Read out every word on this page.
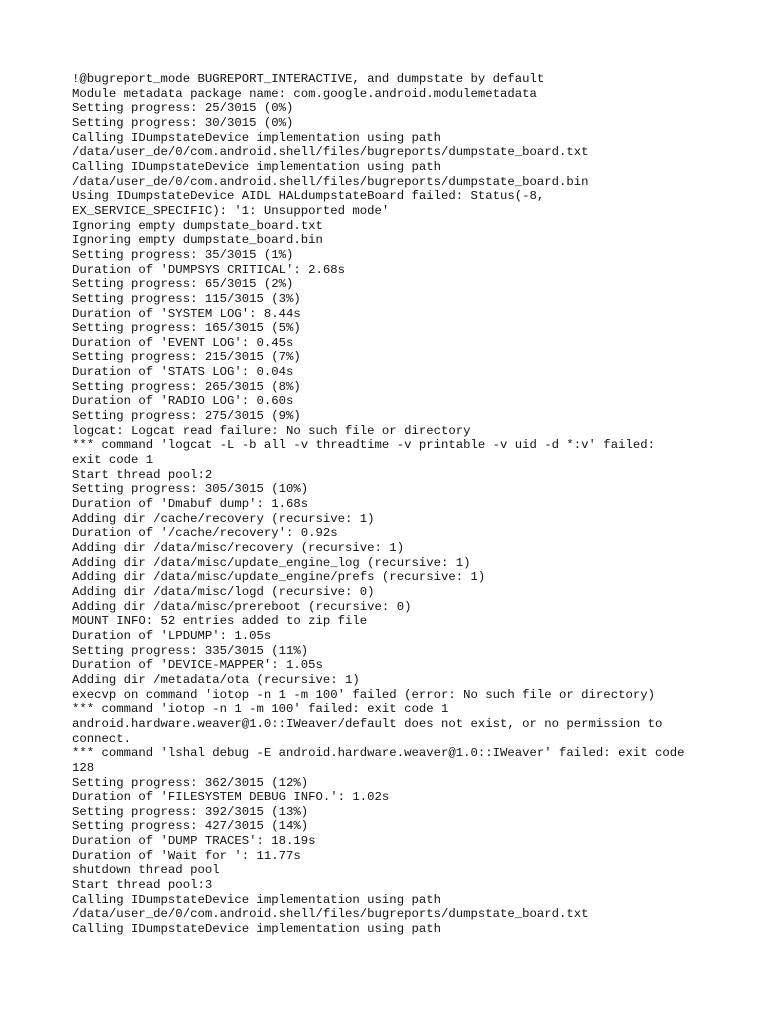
!@bugreport_mode BUGREPORT_INTERACTIVE, and dumpstate by default
Module metadata package name: com.google.android.modulemetadata
Setting progress: 25/3015 (0%)
Setting progress: 30/3015 (0%)
Calling IDumpstateDevice implementation using path
/data/user_de/0/com.android.shell/files/bugreports/dumpstate_board.txt
Calling IDumpstateDevice implementation using path
/data/user_de/0/com.android.shell/files/bugreports/dumpstate_board.bin
Using IDumpstateDevice AIDL HALdumpstateBoard failed: Status(-8,
EX_SERVICE_SPECIFIC): '1: Unsupported mode'
Ignoring empty dumpstate_board.txt
Ignoring empty dumpstate_board.bin
Setting progress: 35/3015 (1%)
Duration of 'DUMPSYS CRITICAL': 2.68s
Setting progress: 65/3015 (2%)
Setting progress: 115/3015 (3%)
Duration of 'SYSTEM LOG': 8.44s
Setting progress: 165/3015 (5%)
Duration of 'EVENT LOG': 0.45s
Setting progress: 215/3015 (7%)
Duration of 'STATS LOG': 0.04s
Setting progress: 265/3015 (8%)
Duration of 'RADIO LOG': 0.60s
Setting progress: 275/3015 (9%)
logcat: Logcat read failure: No such file or directory
*** command 'logcat -L -b all -v threadtime -v printable -v uid -d *:v' failed:
exit code 1
Start thread pool:2
Setting progress: 305/3015 (10%)
Duration of 'Dmabuf dump': 1.68s
Adding dir /cache/recovery (recursive: 1)
Duration of '/cache/recovery': 0.92s
Adding dir /data/misc/recovery (recursive: 1)
Adding dir /data/misc/update_engine_log (recursive: 1)
Adding dir /data/misc/update_engine/prefs (recursive: 1)
Adding dir /data/misc/logd (recursive: 0)
Adding dir /data/misc/prereboot (recursive: 0)
MOUNT INFO: 52 entries added to zip file
Duration of 'LPDUMP': 1.05s
Setting progress: 335/3015 (11%)
Duration of 'DEVICE-MAPPER': 1.05s
Adding dir /metadata/ota (recursive: 1)
execvp on command 'iotop -n 1 -m 100' failed (error: No such file or directory)
*** command 'iotop -n 1 -m 100' failed: exit code 1
android.hardware.weaver@1.0::IWeaver/default does not exist, or no permission to
connect.
*** command 'lshal debug -E android.hardware.weaver@1.0::IWeaver' failed: exit code
128
Setting progress: 362/3015 (12%)
Duration of 'FILESYSTEM DEBUG INFO.': 1.02s
Setting progress: 392/3015 (13%)
Setting progress: 427/3015 (14%)
Duration of 'DUMP TRACES': 18.19s
Duration of 'Wait for ': 11.77s
shutdown thread pool
Start thread pool:3
Calling IDumpstateDevice implementation using path
/data/user_de/0/com.android.shell/files/bugreports/dumpstate_board.txt
Calling IDumpstateDevice implementation using path
